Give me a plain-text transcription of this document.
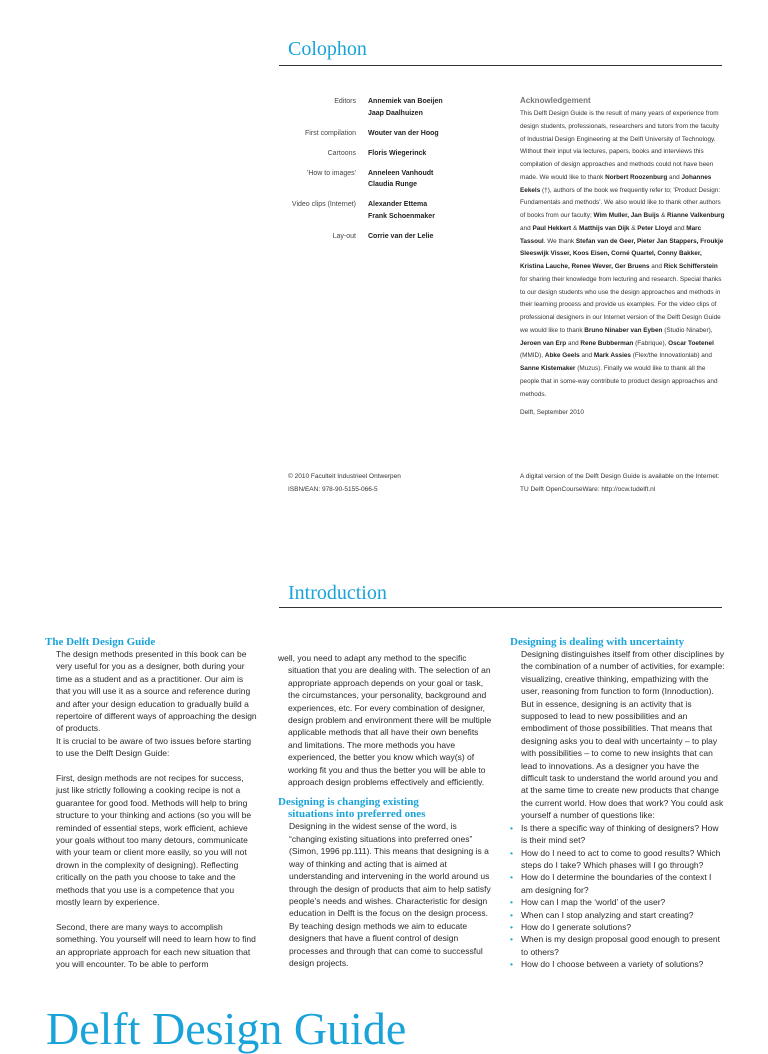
Colophon
Editors	Annemiek van Boeijen
Jaap Daalhuizen
First compilation	Wouter van der Hoog
Cartoons	Floris Wiegerinck
'How to images'	Anneleen Vanhoudt
Claudia Runge
Video clips (Internet)	Alexander Ettema
Frank Schoenmaker
Lay-out	Corrie van der Lelie
Acknowledgement
This Delft Design Guide is the result of many years of experience from design students, professionals, researchers and tutors from the faculty of Industrial Design Engineering at the Delft University of Technology. Without their input via lectures, papers, books and interviews this compilation of design approaches and methods could not have been made. We would like to thank Norbert Roozenburg and Johannes Eekels (†), authors of the book we frequently refer to; 'Product Design: Fundamentals and methods'. We also would like to thank other authors of books from our faculty; Wim Muller, Jan Buijs & Rianne Valkenburg and Paul Hekkert & Matthijs van Dijk & Peter Lloyd and Marc Tassoul. We thank Stefan van de Geer, Pieter Jan Stappers, Froukje Sleeswijk Visser, Koos Eisen, Corné Quartel, Conny Bakker, Kristina Lauche, Renee Wever, Ger Bruens and Rick Schifferstein for sharing their knowledge from lecturing and research. Special thanks to our design students who use the design approaches and methods in their learning process and provide us examples. For the video clips of professional designers in our Internet version of the Delft Design Guide we would like to thank Bruno Ninaber van Eyben (Studio Ninaber), Jeroen van Erp and Rene Bubberman (Fabrique), Oscar Toetenel (MMID), Abke Geels and Mark Assies (Flex/the Innovationlab) and Sanne Kistemaker (Muzus). Finally we would like to thank all the people that in some-way contribute to product design approaches and methods.
Delft, September 2010
© 2010 Faculteit Industrieel Ontwerpen
ISBN/EAN: 978-90-5155-066-5
A digital version of the Delft Design Guide is available on the Internet: TU Delft OpenCourseWare: http://ocw.tudelft.nl
Introduction
The Delft Design Guide

The design methods presented in this book can be very useful for you as a designer, both during your time as a student and as a practitioner. Our aim is that you will use it as a source and reference during and after your design education to gradually build a repertoire of different ways of approaching the design of products.

It is crucial to be aware of two issues before starting to use the Delft Design Guide:

First, design methods are not recipes for success, just like strictly following a cooking recipe is not a guarantee for good food. Methods will help to bring structure to your thinking and actions (so you will be reminded of essential steps, work efficient, achieve your goals without too many detours, communicate with your team or client more easily, so you will not drown in the complexity of designing). Reflecting critically on the path you choose to take and the methods that you use is a competence that you mostly learn by experience.

Second, there are many ways to accomplish something. You yourself will need to learn how to find an appropriate approach for each new situation that you will encounter. To be able to perform

well, you need to adapt any method to the specific situation that you are dealing with. The selection of an appropriate approach depends on your goal or task, the circumstances, your personality, background and experiences, etc. For every combination of designer, design problem and environment there will be multiple applicable methods that all have their own benefits and limitations. The more methods you have experienced, the better you know which way(s) of working fit you and thus the better you will be able to approach design problems effectively and efficiently.

Designing is changing existing
situations into preferred ones

Designing in the widest sense of the word, is “changing existing situations into preferred ones” (Simon, 1996 pp.111). This means that designing is a way of thinking and acting that is aimed at understanding and intervening in the world around us through the design of products that aim to help satisfy people’s needs and wishes. Characteristic for design education in Delft is the focus on the design process. By teaching design methods we aim to educate designers that have a fluent control of design processes and through that can come to successful design projects.

Designing is dealing with uncertainty

Designing distinguishes itself from other disciplines by the combination of a number of activities, for example: visualizing, creative thinking, empathizing with the user, reasoning from function to form (Innoduction). But in essence, designing is an activity that is supposed to lead to new possibilities and an embodiment of those possibilities. That means that designing asks you to deal with uncertainty – to play with possibilities – to come to new insights that can lead to innovations. As a designer you have the difficult task to understand the world around you and at the same time to create new products that change the current world. How does that work? You could ask yourself a number of questions like:

• Is there a specific way of thinking of designers? How is their mind set?
• How do I need to act to come to good results? Which steps do I take? Which phases will I go through?
• How do I determine the boundaries of the context I am designing for?
• How can I map the ‘world’ of the user?
• When can I stop analyzing and start creating?
• How do I generate solutions?
• When is my design proposal good enough to present to others?
• How do I choose between a variety of solutions?
Delft Design Guide
